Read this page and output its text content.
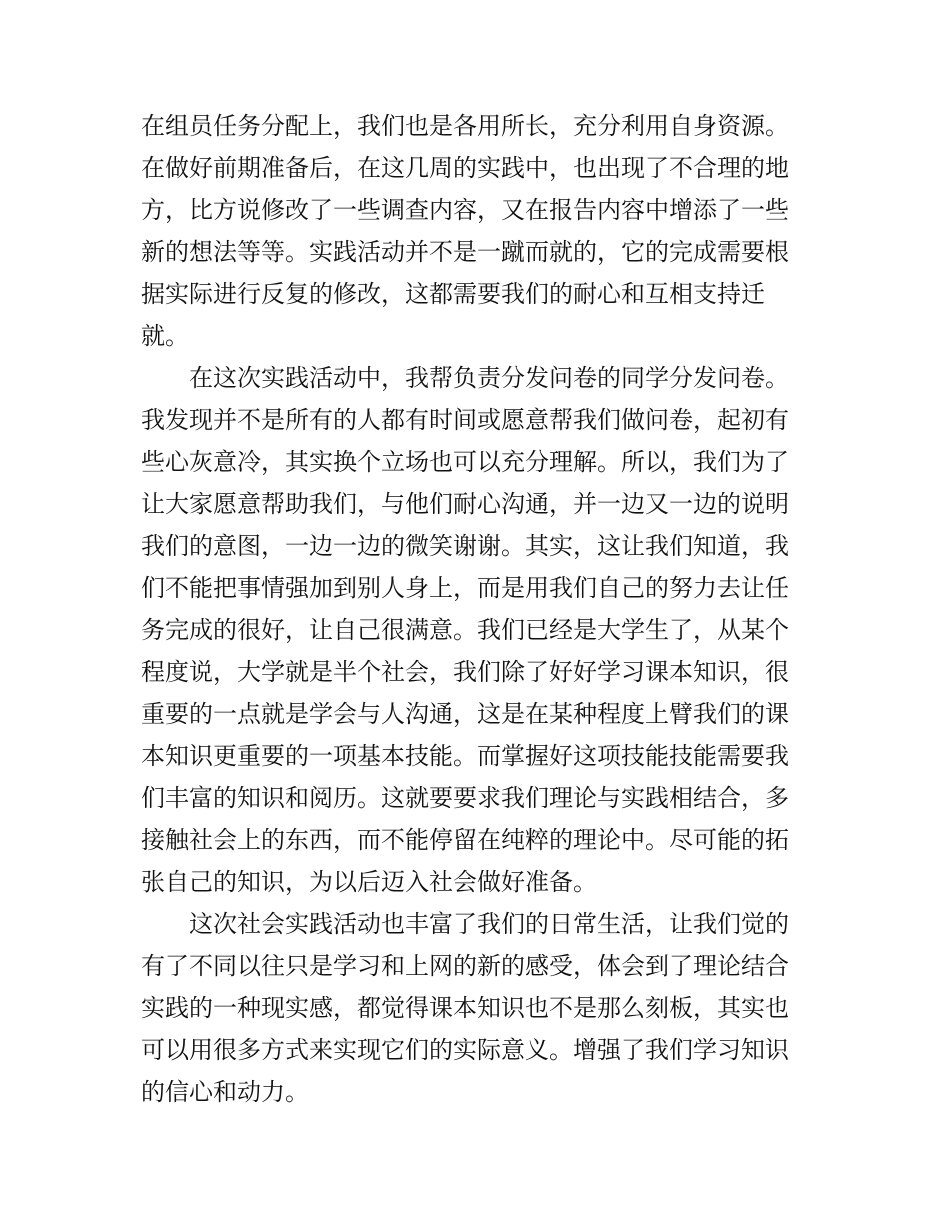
在组员任务分配上，我们也是各用所长，充分利用自身资源。
在做好前期准备后，在这几周的实践中，也出现了不合理的地
方，比方说修改了一些调查内容，又在报告内容中增添了一些
新的想法等等。实践活动并不是一蹴而就的，它的完成需要根
据实际进行反复的修改，这都需要我们的耐心和互相支持迁
就。
在这次实践活动中，我帮负责分发问卷的同学分发问卷。
我发现并不是所有的人都有时间或愿意帮我们做问卷，起初有
些心灰意冷，其实换个立场也可以充分理解。所以，我们为了
让大家愿意帮助我们，与他们耐心沟通，并一边又一边的说明
我们的意图，一边一边的微笑谢谢。其实，这让我们知道，我
们不能把事情强加到别人身上，而是用我们自己的努力去让任
务完成的很好，让自己很满意。我们已经是大学生了，从某个
程度说，大学就是半个社会，我们除了好好学习课本知识，很
重要的一点就是学会与人沟通，这是在某种程度上臂我们的课
本知识更重要的一项基本技能。而掌握好这项技能技能需要我
们丰富的知识和阅历。这就要要求我们理论与实践相结合，多
接触社会上的东西，而不能停留在纯粹的理论中。尽可能的拓
张自己的知识，为以后迈入社会做好准备。
这次社会实践活动也丰富了我们的日常生活，让我们觉的
有了不同以往只是学习和上网的新的感受，体会到了理论结合
实践的一种现实感，都觉得课本知识也不是那么刻板，其实也
可以用很多方式来实现它们的实际意义。增强了我们学习知识
的信心和动力。
